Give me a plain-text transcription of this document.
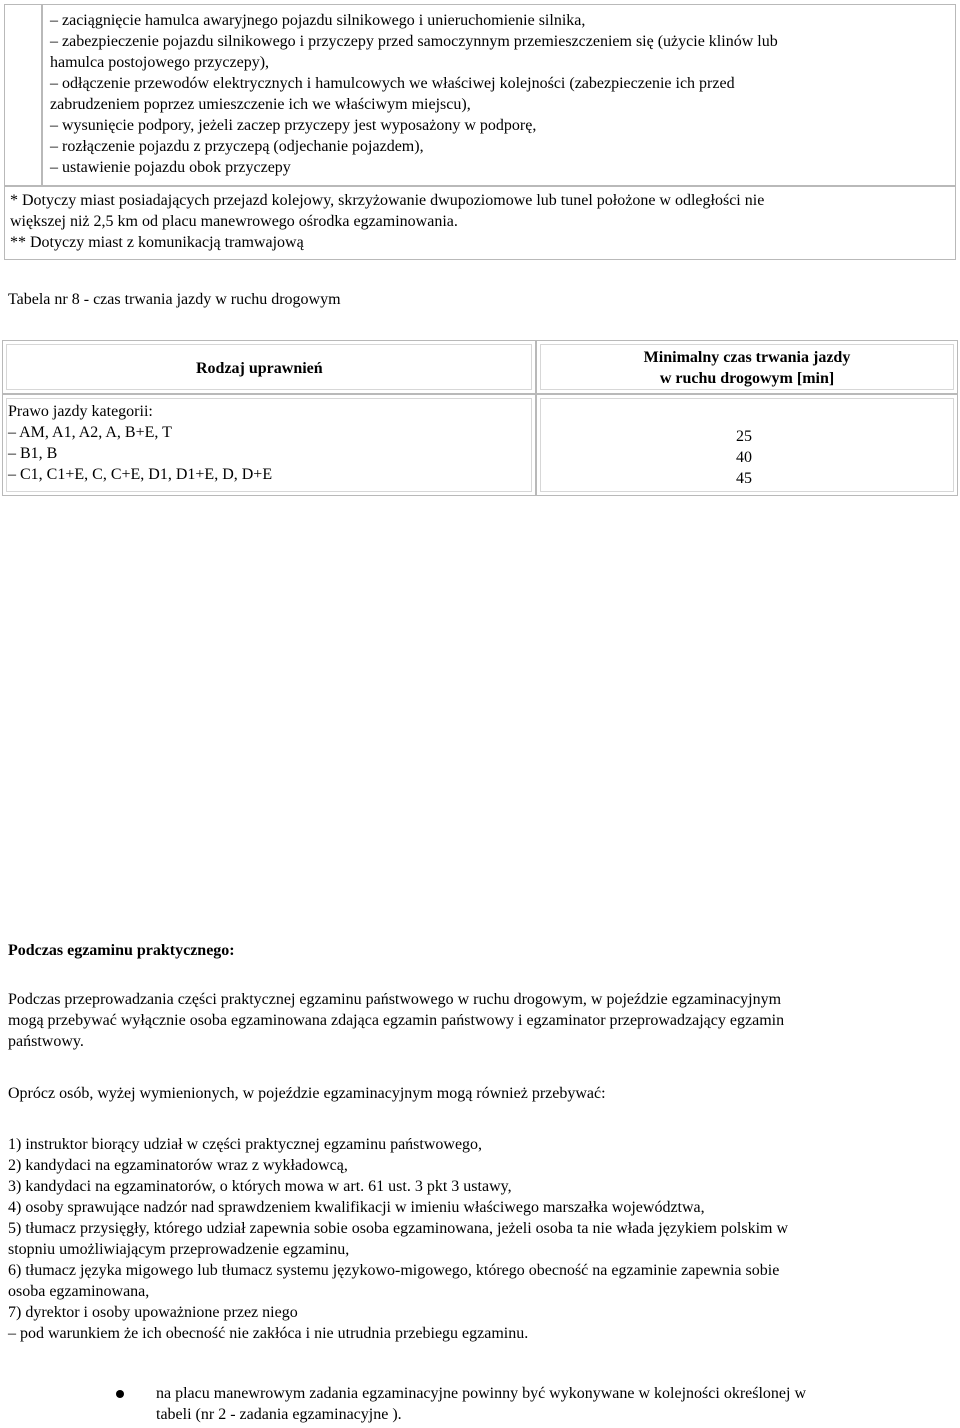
– zaciągnięcie hamulca awaryjnego pojazdu silnikowego i unieruchomienie silnika,
– zabezpieczenie pojazdu silnikowego i przyczepy przed samoczynnym przemieszczeniem się (użycie klinów lub
hamulca postojowego przyczepy),
– odłączenie przewodów elektrycznych i hamulcowych we właściwej kolejności (zabezpieczenie ich przed
zabrudzeniem poprzez umieszczenie ich we właściwym miejscu),
– wysunięcie podpory, jeżeli zaczep przyczepy jest wyposażony w podporę,
– rozłączenie pojazdu z przyczepą (odjechanie pojazdem),
– ustawienie pojazdu obok przyczepy
* Dotyczy miast posiadających przejazd kolejowy, skrzyżowanie dwupoziomowe lub tunel położone w odległości nie
większej niż 2,5 km od placu manewrowego ośrodka egzaminowania.
** Dotyczy miast z komunikacją tramwajową
Tabela nr 8 - czas trwania jazdy w ruchu drogowym
Rodzaj uprawnień
Minimalny czas trwania jazdy
w ruchu drogowym [min]
Prawo jazdy kategorii:
– AM, A1, A2, A, B+E, T
– B1, B
– C1, C1+E, C, C+E, D1, D1+E, D, D+E
25
40
45
Podczas egzaminu praktycznego:
Podczas przeprowadzania części praktycznej egzaminu państwowego w ruchu drogowym, w pojeździe egzaminacyjnym
mogą przebywać wyłącznie osoba egzaminowana zdająca egzamin państwowy i egzaminator przeprowadzający egzamin
państwowy.
Oprócz osób, wyżej wymienionych, w pojeździe egzaminacyjnym mogą również przebywać:
1) instruktor biorący udział w części praktycznej egzaminu państwowego,
2) kandydaci na egzaminatorów wraz z wykładowcą,
3) kandydaci na egzaminatorów, o których mowa w art. 61 ust. 3 pkt 3 ustawy,
4) osoby sprawujące nadzór nad sprawdzeniem kwalifikacji w imieniu właściwego marszałka województwa,
5) tłumacz przysięgły, którego udział zapewnia sobie osoba egzaminowana, jeżeli osoba ta nie włada językiem polskim w
stopniu umożliwiającym przeprowadzenie egzaminu,
6) tłumacz języka migowego lub tłumacz systemu językowo-migowego, którego obecność na egzaminie zapewnia sobie
osoba egzaminowana,
7) dyrektor i osoby upoważnione przez niego
– pod warunkiem że ich obecność nie zakłóca i nie utrudnia przebiegu egzaminu.
na placu manewrowym zadania egzaminacyjne powinny być wykonywane w kolejności określonej w
tabeli (nr 2 - zadania egzaminacyjne ).
